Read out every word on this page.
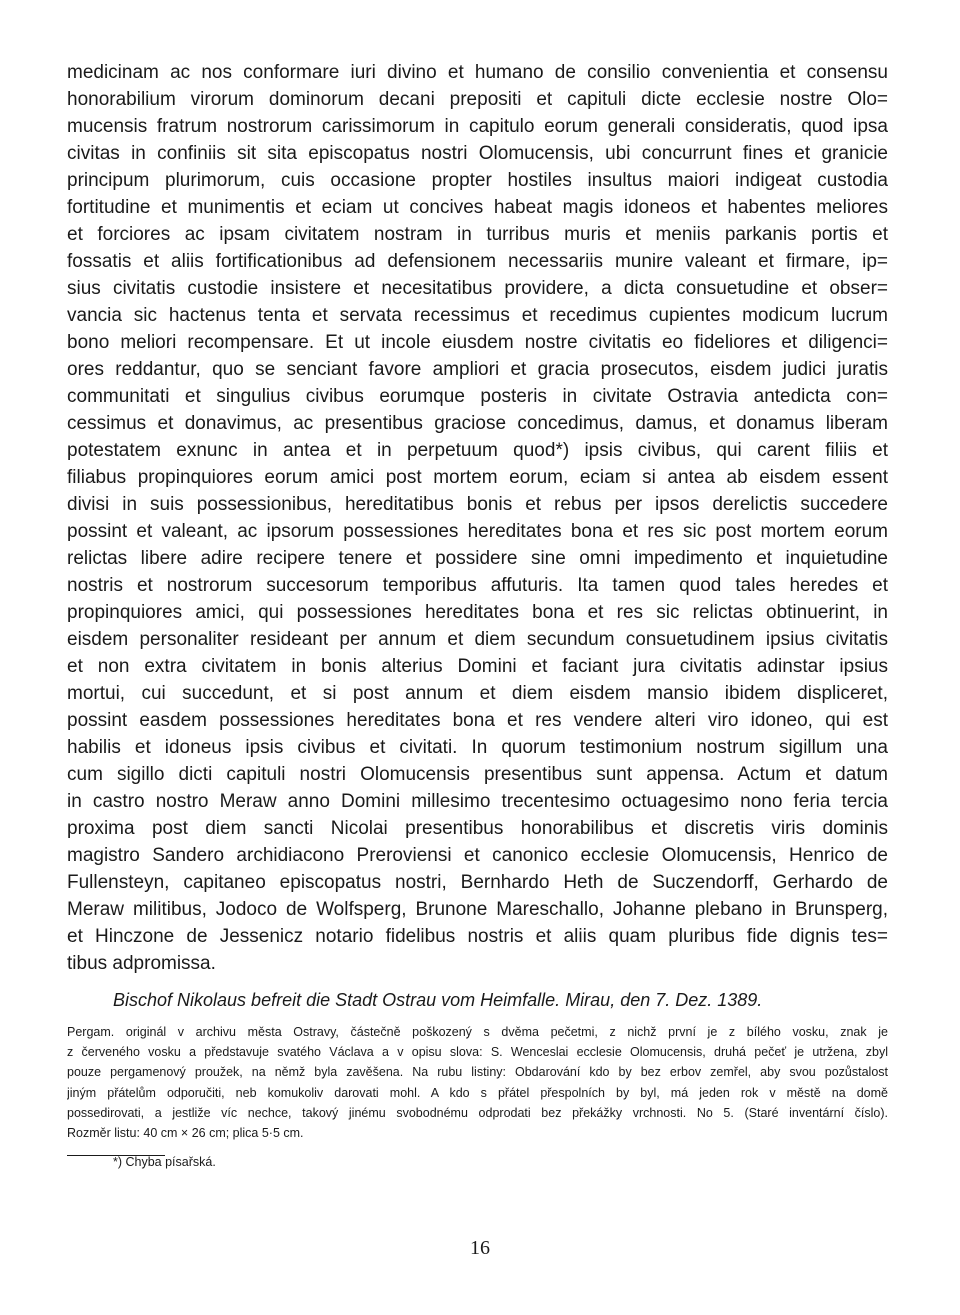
medicinam ac nos conformare iuri divino et humano de consilio convenientia et consensu
honorabilium virorum dominorum decani prepositi et capituli dicte ecclesie nostre Olo=
mucensis fratrum nostrorum carissimorum in capitulo eorum generali consideratis, quod ipsa
civitas in confiniis sit sita episcopatus nostri Olomucensis, ubi concurrunt fines et granicie
principum plurimorum, cuis occasione propter hostiles insultus maiori indigeat custodia
fortitudine et munimentis et eciam ut concives habeat magis idoneos et habentes meliores
et forciores ac ipsam civitatem nostram in turribus muris et meniis parkanis portis et
fossatis et aliis fortificationibus ad defensionem necessariis munire valeant et firmare, ip=
sius civitatis custodie insistere et necesitatibus providere, a dicta consuetudine et obser=
vancia sic hactenus tenta et servata recessimus et recedimus cupientes modicum lucrum
bono meliori recompensare. Et ut incole eiusdem nostre civitatis eo fideliores et diligenci=
ores reddantur, quo se senciant favore ampliori et gracia prosecutos, eisdem judici juratis
communitati et singulius civibus eorumque posteris in civitate Ostravia antedicta con=
cessimus et donavimus, ac presentibus graciose concedimus, damus, et donamus liberam
potestatem exnunc in antea et in perpetuum quod*) ipsis civibus, qui carent filiis et
filiabus propinquiores eorum amici post mortem eorum, eciam si antea ab eisdem essent
divisi in suis possessionibus, hereditatibus bonis et rebus per ipsos derelictis succedere
possint et valeant, ac ipsorum possessiones hereditates bona et res sic post mortem eorum
relictas libere adire recipere tenere et possidere sine omni impedimento et inquietudine
nostris et nostrorum succesorum temporibus affuturis. Ita tamen quod tales heredes et
propinquiores amici, qui possessiones hereditates bona et res sic relictas obtinuerint, in
eisdem personaliter resideant per annum et diem secundum consuetudinem ipsius civitatis
et non extra civitatem in bonis alterius Domini et faciant jura civitatis adinstar ipsius
mortui, cui succedunt, et si post annum et diem eisdem mansio ibidem displiceret,
possint easdem possessiones hereditates bona et res vendere alteri viro idoneo, qui est
habilis et idoneus ipsis civibus et civitati. In quorum testimonium nostrum sigillum una
cum sigillo dicti capituli nostri Olomucensis presentibus sunt appensa. Actum et datum
in castro nostro Meraw anno Domini millesimo trecentesimo octuagesimo nono feria tercia
proxima post diem sancti Nicolai presentibus honorabilibus et discretis viris dominis
magistro Sandero archidiacono Preroviensi et canonico ecclesie Olomucensis, Henrico de
Fullensteyn, capitaneo episcopatus nostri, Bernhardo Heth de Suczendorff, Gerhardo de
Meraw militibus, Jodoco de Wolfsperg, Brunone Mareschallo, Johanne plebano in Brunsperg,
et Hinczone de Jessenicz notario fidelibus nostris et aliis quam pluribus fide dignis tes=
tibus adpromissa.
Bischof Nikolaus befreit die Stadt Ostrau vom Heimfalle. Mirau, den 7. Dez. 1389.
Pergam. originál v archivu města Ostravy, částečně poškozený s dvěma pečetmi, z nichž první je z bílého vosku, znak je
z červeného vosku a představuje svatého Václava a v opisu slova: S. Wenceslai ecclesie Olomucensis, druhá pečeť je utržena, zbyl
pouze pergamenový proužek, na němž byla zavěšena. Na rubu listiny: Obdarování kdo by bez erbov zemřel, aby svou pozůstalost
jiným přátelům odporučiti, neb komukoliv darovati mohl. A kdo s přátel přespolních by byl, má jeden rok v městě na domě
possedirovati, a jestliže víc nechce, takový jinému svobodnému odprodati bez překážky vrchnosti. No 5. (Staré inventární číslo).
Rozměr listu: 40 cm × 26 cm; plica 5·5 cm.
*) Chyba písařská.
16
